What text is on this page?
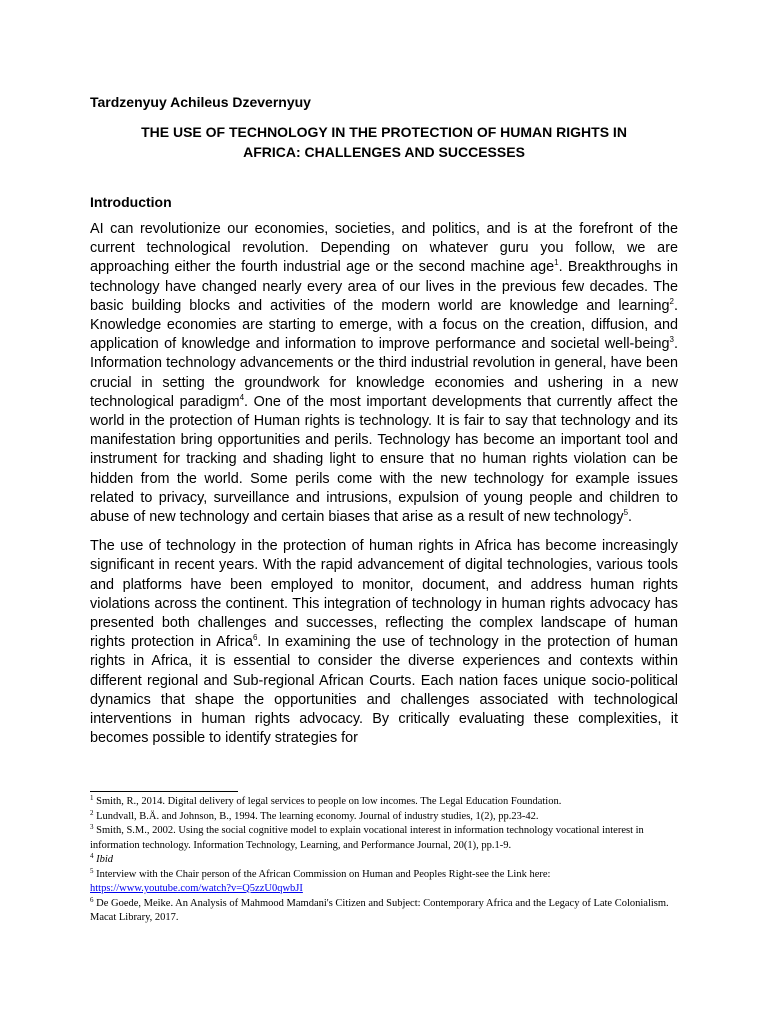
Tardzenyuy Achileus Dzevernyuy

THE USE OF TECHNOLOGY IN THE PROTECTION OF HUMAN RIGHTS IN
AFRICA: CHALLENGES AND SUCCESSES

Introduction

AI can revolutionize our economies, societies, and politics, and is at the forefront of the current technological revolution. Depending on whatever guru you follow, we are approaching either the fourth industrial age or the second machine age$^1$. Breakthroughs in technology have changed nearly every area of our lives in the previous few decades. The basic building blocks and activities of the modern world are knowledge and learning$^2$. Knowledge economies are starting to emerge, with a focus on the creation, diffusion, and application of knowledge and information to improve performance and societal well-being$^3$. Information technology advancements or the third industrial revolution in general, have been crucial in setting the groundwork for knowledge economies and ushering in a new technological paradigm$^4$. One of the most important developments that currently affect the world in the protection of Human rights is technology. It is fair to say that technology and its manifestation bring opportunities and perils. Technology has become an important tool and instrument for tracking and shading light to ensure that no human rights violation can be hidden from the world. Some perils come with the new technology for example issues related to privacy, surveillance and intrusions, expulsion of young people and children to abuse of new technology and certain biases that arise as a result of new technology$^5$.

The use of technology in the protection of human rights in Africa has become increasingly significant in recent years. With the rapid advancement of digital technologies, various tools and platforms have been employed to monitor, document, and address human rights violations across the continent. This integration of technology in human rights advocacy has presented both challenges and successes, reflecting the complex landscape of human rights protection in Africa$^6$. In examining the use of technology in the protection of human rights in Africa, it is essential to consider the diverse experiences and contexts within different regional and Sub-regional African Courts. Each nation faces unique socio-political dynamics that shape the opportunities and challenges associated with technological interventions in human rights advocacy. By critically evaluating these complexities, it becomes possible to identify strategies for

$^1$ Smith, R., 2014. Digital delivery of legal services to people on low incomes. The Legal Education Foundation.

$^2$ Lundvall, B.Ä. and Johnson, B., 1994. The learning economy. Journal of industry studies, 1(2), pp.23-42.

$^3$ Smith, S.M., 2002. Using the social cognitive model to explain vocational interest in information technology vocational interest in information technology. Information Technology, Learning, and Performance Journal, 20(1), pp.1-9.

$^4$ Ibid

$^5$ Interview with the Chair person of the African Commission on Human and Peoples Right-see the Link here:
https://www.youtube.com/watch?v=Q5zzU0qwbJI

$^6$ De Goede, Meike. An Analysis of Mahmood Mamdani's Citizen and Subject: Contemporary Africa and the Legacy of Late Colonialism. Macat Library, 2017.
